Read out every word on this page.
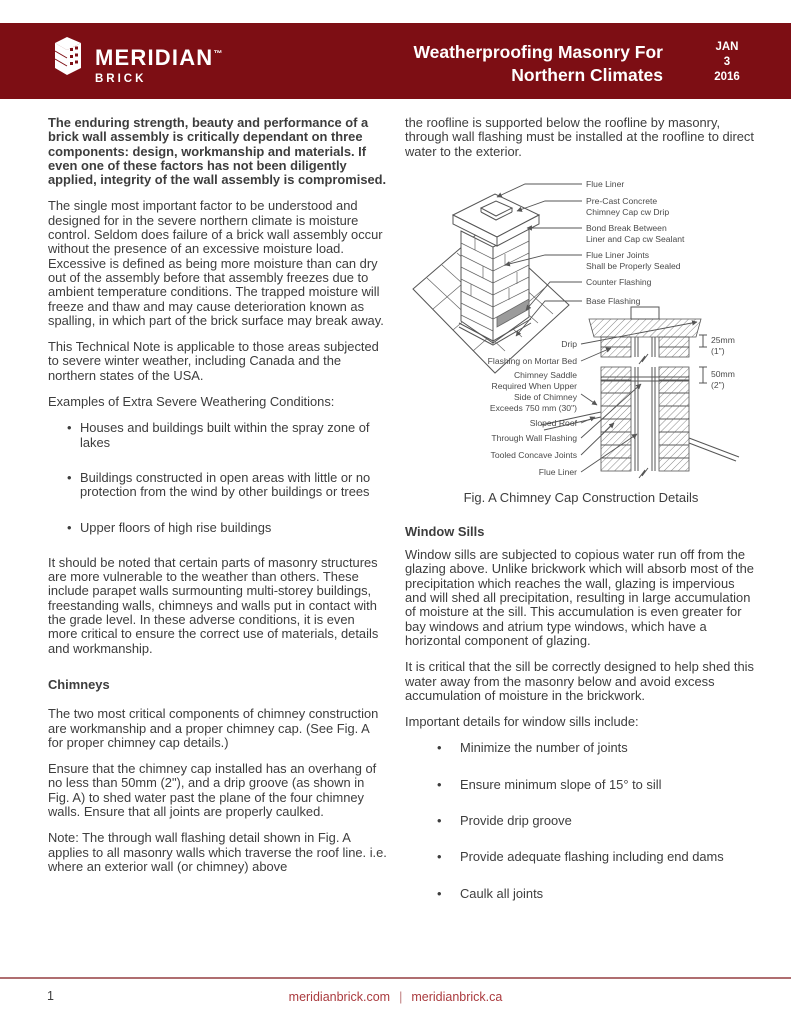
MERIDIAN™
BRICK
Weatherproofing Masonry For
Northern Climates
JAN
3
2016

The enduring strength, beauty and performance of a brick wall assembly is critically dependant on three components: design, workmanship and materials. If even one of these factors has not been diligently applied, integrity of the wall assembly is compromised.

The single most important factor to be understood and designed for in the severe northern climate is moisture control. Seldom does failure of a brick wall assembly occur without the presence of an excessive moisture load. Excessive is defined as being more moisture than can dry out of the assembly before that assembly freezes due to ambient temperature conditions. The trapped moisture will freeze and thaw and may cause deterioration known as spalling, in which part of the brick surface may break away.

This Technical Note is applicable to those areas subjected to severe winter weather, including Canada and the northern states of the USA.

Examples of Extra Severe Weathering Conditions:

• Houses and buildings built within the spray zone of lakes
• Buildings constructed in open areas with little or no protection from the wind by other buildings or trees
• Upper floors of high rise buildings

It should be noted that certain parts of masonry structures are more vulnerable to the weather than others. These include parapet walls surmounting multi-storey buildings, freestanding walls, chimneys and walls put in contact with the grade level. In these adverse conditions, it is even more critical to ensure the correct use of materials, details and workmanship.

Chimneys

The two most critical components of chimney construction are workmanship and a proper chimney cap. (See Fig. A for proper chimney cap details.)

Ensure that the chimney cap installed has an overhang of no less than 50mm (2"), and a drip groove (as shown in Fig. A) to shed water past the plane of the four chimney walls. Ensure that all joints are properly caulked.

Note: The through wall flashing detail shown in Fig. A applies to all masonry walls which traverse the roof line. i.e. where an exterior wall (or chimney) above

the roofline is supported below the roofline by masonry, through wall flashing must be installed at the roofline to direct water to the exterior.

Flue Liner
Pre-Cast Concrete
Chimney Cap cw Drip
Bond Break Between
Liner and Cap cw Sealant
Flue Liner Joints
Shall be Properly Sealed
Counter Flashing
Base Flashing
Drip
Flashing on Mortar Bed
Chimney Saddle
Required When Upper
Side of Chimney
Exceeds 750 mm (30")
Sloped Roof
Through Wall Flashing
Tooled Concave Joints
Flue Liner
25mm
(1")
50mm
(2")
Fig. A Chimney Cap Construction Details
Window Sills

Window sills are subjected to copious water run off from the glazing above. Unlike brickwork which will absorb most of the precipitation which reaches the wall, glazing is impervious and will shed all precipitation, resulting in large accumulation of moisture at the sill. This accumulation is even greater for bay windows and atrium type windows, which have a horizontal component of glazing.

It is critical that the sill be correctly designed to help shed this water away from the masonry below and avoid excess accumulation of moisture in the brickwork.

Important details for window sills include:

• Minimize the number of joints
• Ensure minimum slope of 15° to sill
• Provide drip groove
• Provide adequate flashing including end dams
• Caulk all joints
1	meridianbrick.com | meridianbrick.ca
